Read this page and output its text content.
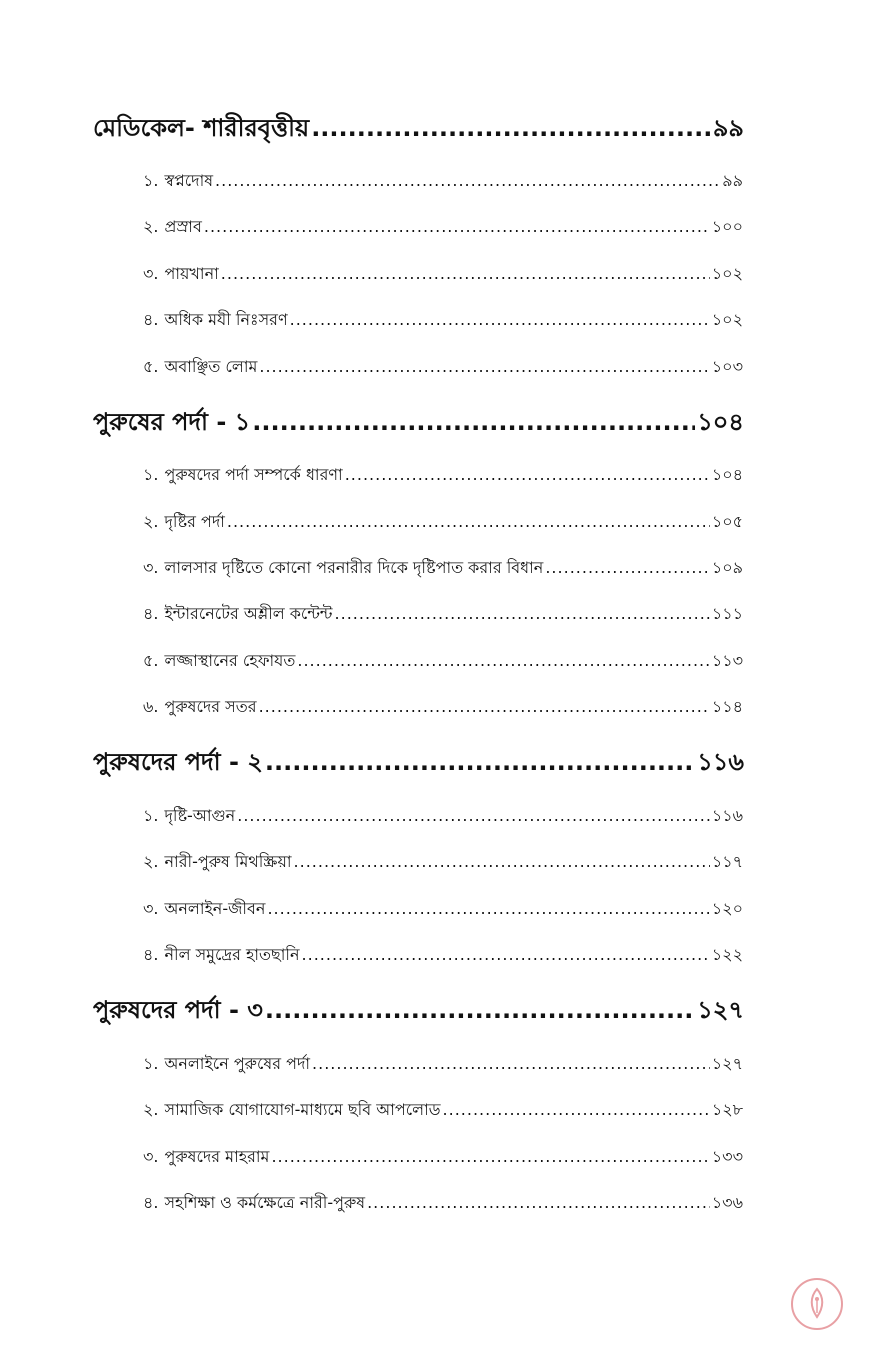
মেডিকেল- শারীরবৃত্তীয় .....	৯৯
১. স্বপ্নদোষ .....	৯৯
২. প্রস্রাব .....	১০০
৩. পায়খানা .....	১০২
৪. অধিক মযী নিঃসরণ .....	১০২
৫. অবাঞ্ছিত লোম .....	১০৩
পুরুষের পর্দা - ১ .....	১০৪
১. পুরুষদের পর্দা সম্পর্কে ধারণা .....	১০৪
২. দৃষ্টির পর্দা .....	১০৫
৩. লালসার দৃষ্টিতে কোনো পরনারীর দিকে দৃষ্টিপাত করার বিধান .....	১০৯
৪. ইন্টারনেটের অশ্লীল কন্টেন্ট .....	১১১
৫. লজ্জাস্থানের হেফাযত .....	১১৩
৬. পুরুষদের সতর .....	১১৪
পুরুষদের পর্দা - ২ .....	১১৬
১. দৃষ্টি-আগুন .....	১১৬
২. নারী-পুরুষ মিথস্ক্রিয়া .....	১১৭
৩. অনলাইন-জীবন .....	১২০
৪. নীল সমুদ্রের হাতছানি .....	১২২
পুরুষদের পর্দা - ৩ .....	১২৭
১. অনলাইনে পুরুষের পর্দা .....	১২৭
২. সামাজিক যোগাযোগ-মাধ্যমে ছবি আপলোড .....	১২৮
৩. পুরুষদের মাহরাম .....	১৩৩
৪. সহশিক্ষা ও কর্মক্ষেত্রে নারী-পুরুষ .....	১৩৬
